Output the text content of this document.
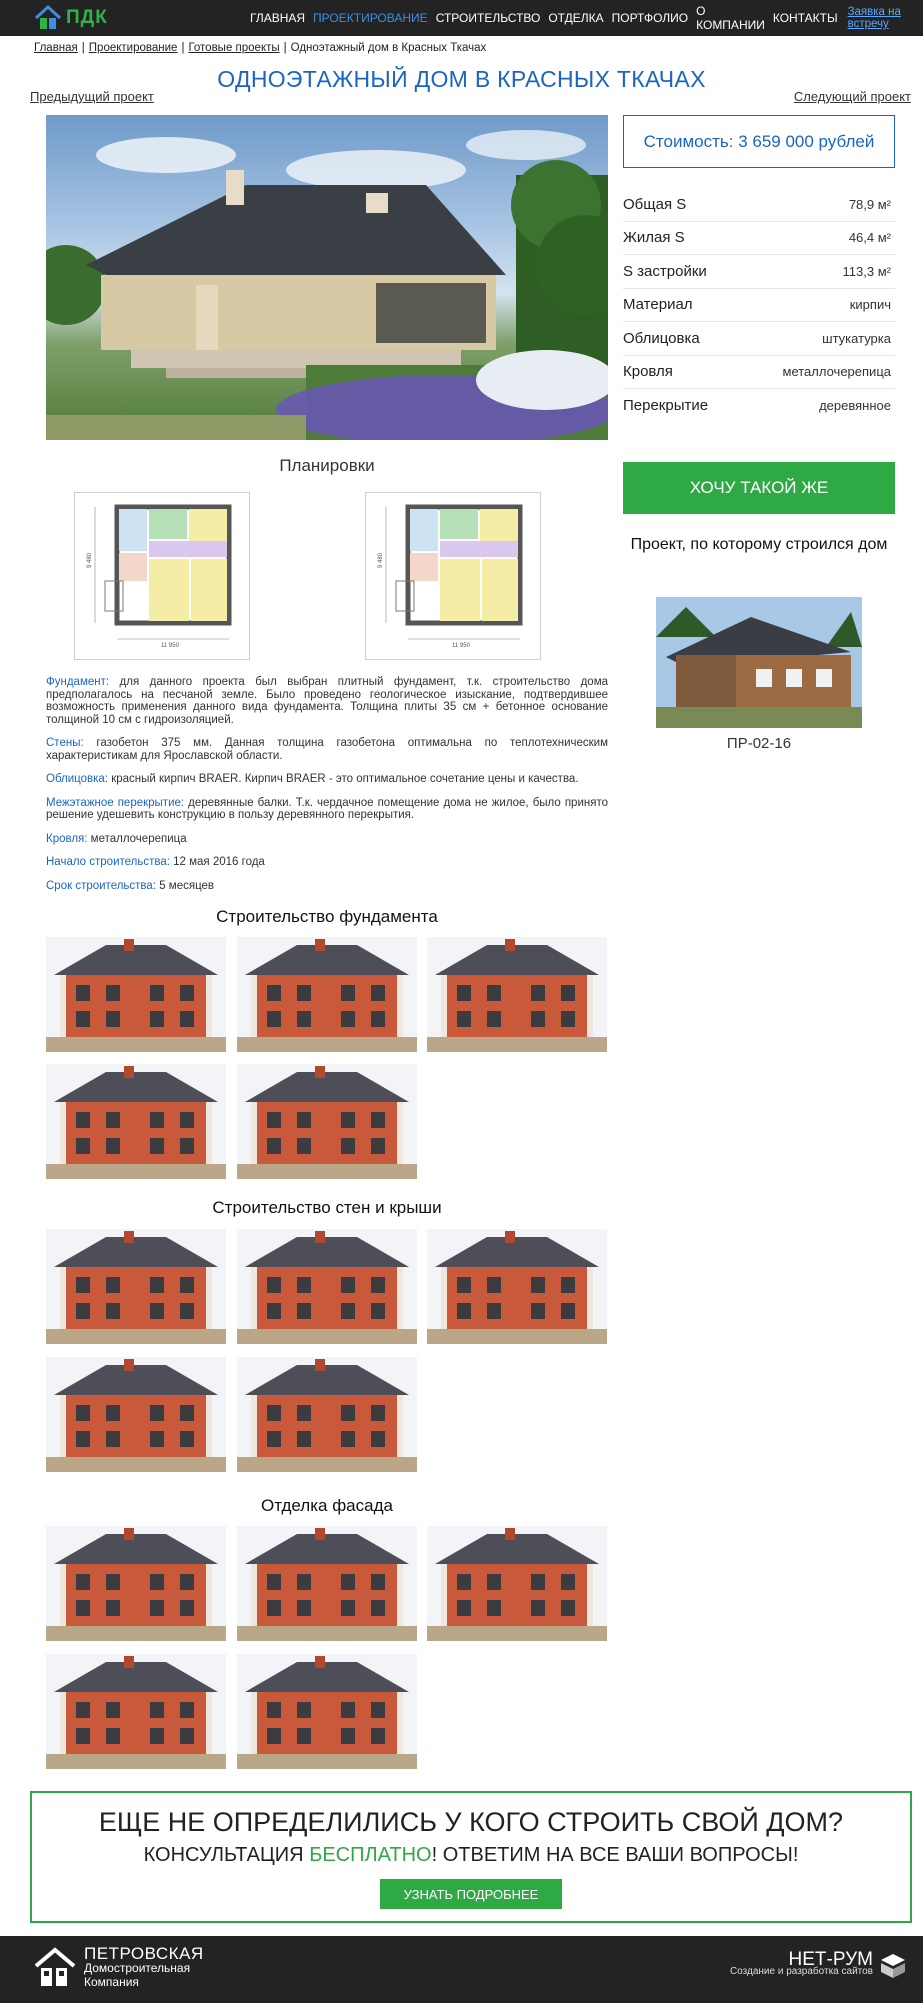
ПДК	ГЛАВНАЯ ПРОЕКТИРОВАНИЕ СТРОИТЕЛЬСТВО ОТДЕЛКА ПОРТФОЛИО О КОМПАНИИ КОНТАКТЫ Заявка на встречу
Главная | Проектирование | Готовые проекты | Одноэтажный дом в Красных Ткачах
ОДНОЭТАЖНЫЙ ДОМ В КРАСНЫХ ТКАЧАХ
Предыдущий проект	Следующий проект
Стоимость: 3 659 000 рублей
Общая S	78,9 м²
Жилая S	46,4 м²
S застройки	113,3 м²
Материал	кирпич
Облицовка	штукатурка
Кровля	металлочерепица
Перекрытие	деревянное
ХОЧУ ТАКОЙ ЖЕ
Проект, по которому строился дом
ПР-02-16
Планировки
9 480
11 950
9 480
11 950

Фундамент: для данного проекта был выбран плитный фундамент, т.к. строительство дома предполагалось на песчаной земле. Было проведено геологическое изыскание, подтвердившее возможность применения данного вида фундамента. Толщина плиты 35 см + бетонное основание толщиной 10 см с гидроизоляцией.

Стены: газобетон 375 мм. Данная толщина газобетона оптимальна по теплотехническим характеристикам для Ярославской области.

Облицовка: красный кирпич BRAER. Кирпич BRAER - это оптимальное сочетание цены и качества.

Межэтажное перекрытие: деревянные балки. Т.к. чердачное помещение дома не жилое, было принято решение удешевить конструкцию в пользу деревянного перекрытия.

Кровля: металлочерепица

Начало строительства: 12 мая 2016 года

Срок строительства: 5 месяцев

Строительство фундамента
Строительство стен и крыши
Отделка фасада
ЕЩЕ НЕ ОПРЕДЕЛИЛИСЬ У КОГО СТРОИТЬ СВОЙ ДОМ?
КОНСУЛЬТАЦИЯ БЕСПЛАТНО! ОТВЕТИМ НА ВСЕ ВАШИ ВОПРОСЫ!
УЗНАТЬ ПОДРОБНЕЕ
ПЕТРОВСКАЯ
Домостроительная
Компания
НЕТ-РУМ
Создание и разработка сайтов
